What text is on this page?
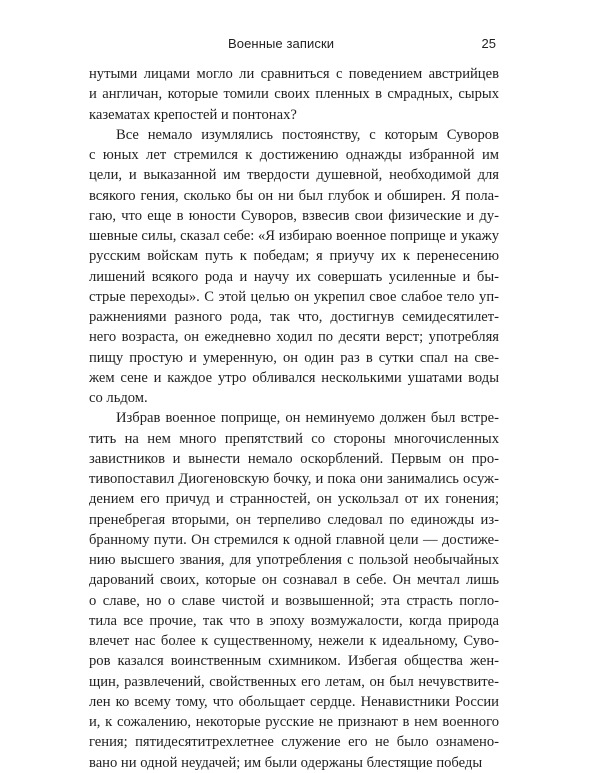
Военные записки	25
нутыми лицами могло ли сравниться с поведением австрийцев
и англичан, которые томили своих пленных в смрадных, сырых
казематах крепостей и понтонах?
Все немало изумлялись постоянству, с которым Суворов
с юных лет стремился к достижению однажды избранной им
цели, и выказанной им твердости душевной, необходимой для
всякого гения, сколько бы он ни был глубок и обширен. Я пола-
гаю, что еще в юности Суворов, взвесив свои физические и ду-
шевные силы, сказал себе: «Я избираю военное поприще и укажу
русским войскам путь к победам; я приучу их к перенесению
лишений всякого рода и научу их совершать усиленные и бы-
стрые переходы». С этой целью он укрепил свое слабое тело уп-
ражнениями разного рода, так что, достигнув семидесятилет-
него возраста, он ежедневно ходил по десяти верст; употребляя
пищу простую и умеренную, он один раз в сутки спал на све-
жем сене и каждое утро обливался несколькими ушатами воды
со льдом.
Избрав военное поприще, он неминуемо должен был встре-
тить на нем много препятствий со стороны многочисленных
завистников и вынести немало оскорблений. Первым он про-
тивопоставил Диогеновскую бочку, и пока они занимались осуж-
дением его причуд и странностей, он ускользал от их гонения;
пренебрегая вторыми, он терпеливо следовал по единожды из-
бранному пути. Он стремился к одной главной цели — достиже-
нию высшего звания, для употребления с пользой необычайных
дарований своих, которые он сознавал в себе. Он мечтал лишь
о славе, но о славе чистой и возвышенной; эта страсть погло-
тила все прочие, так что в эпоху возмужалости, когда природа
влечет нас более к существенному, нежели к идеальному, Суво-
ров казался воинственным схимником. Избегая общества жен-
щин, развлечений, свойственных его летам, он был нечувствите-
лен ко всему тому, что обольщает сердце. Ненавистники России
и, к сожалению, некоторые русские не признают в нем военного
гения; пятидесятитрехлетнее служение его не было ознамено-
вано ни одной неудачей; им были одержаны блестящие победы
